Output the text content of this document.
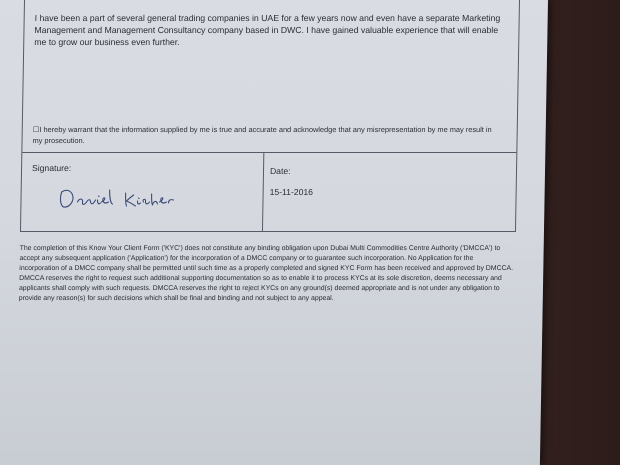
I have been a part of several general trading companies in UAE for a few years now and even have a separate Marketing Management and Management Consultancy company based in DWC. I have gained valuable experience that will enable me to grow our business even further.
☐I hereby warrant that the information supplied by me is true and accurate and acknowledge that any misrepresentation by me may result in my prosecution.
Signature:	Date:
15-11-2016
The completion of this Know Your Client Form ('KYC') does not constitute any binding obligation upon Dubai Multi Commodities Centre Authority ('DMCCA') to accept any subsequent application ('Application') for the incorporation of a DMCC company or to guarantee such incorporation. No Application for the incorporation of a DMCC company shall be permitted until such time as a properly completed and signed KYC Form has been received and approved by DMCCA. DMCCA reserves the right to request such additional supporting documentation so as to enable it to process KYCs at its sole discretion, deems necessary and applicants shall comply with such requests. DMCCA reserves the right to reject KYCs on any ground(s) deemed appropriate and is not under any obligation to provide any reason(s) for such decisions which shall be final and binding and not subject to any appeal.
